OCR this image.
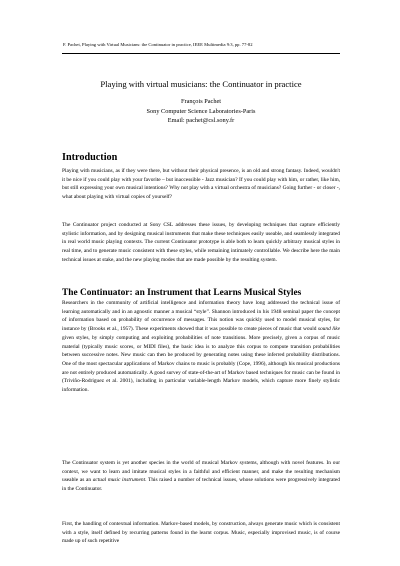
F. Pachet, Playing with Virtual Musicians: the Continuator in practice, IEEE Multimedia 9:3, pp. 77-82
Playing with virtual musicians: the Continuator in practice
François Pachet
Sony Computer Science Laboratories-Paris
Email: pachet@csl.sony.fr
Introduction

Playing with musicians, as if they were there, but without their physical presence, is an old and strong fantasy. Indeed, wouldn't it be nice if you could play with your favorite – but inaccessible - Jazz musician? If you could play with him, or rather, like him, but still expressing your own musical intentions? Why not play with a virtual orchestra of musicians? Going further - or closer -, what about playing with virtual copies of yourself?

The Continuator project conducted at Sony CSL addresses these issues, by developing techniques that capture efficiently stylistic information, and by designing musical instruments that make these techniques easily useable, and seamlessly integrated in real world music playing contexts. The current Continuator prototype is able both to learn quickly arbitrary musical styles in real time, and to generate music consistent with these styles, while remaining intimately controllable. We describe here the main technical issues at stake, and the new playing modes that are made possible by the resulting system.

The Continuator: an Instrument that Learns Musical Styles

Researchers in the community of artificial intelligence and information theory have long addressed the technical issue of learning automatically and in an agnostic manner a musical “style”. Shannon introduced in his 1948 seminal paper the concept of information based on probability of occurrence of messages. This notion was quickly used to model musical styles, for instance by (Brooks et al., 1957). These experiments showed that it was possible to create pieces of music that would sound like given styles, by simply computing and exploiting probabilities of note transitions. More precisely, given a corpus of music material (typically music scores, or MIDI files), the basic idea is to analyze this corpus to compute transition probabilities between successive notes. New music can then be produced by generating notes using these inferred probability distributions. One of the most spectacular applications of Markov chains to music is probably (Cope, 1996), although his musical productions are not entirely produced automatically. A good survey of state-of-the-art of Markov based techniques for music can be found in (Triviño-Rodriguez et al. 2001), including in particular variable-length Markov models, which capture more finely stylistic information.

The Continuator system is yet another species in the world of musical Markov systems, although with novel features. In our context, we want to learn and imitate musical styles in a faithful and efficient manner, and make the resulting mechanism useable as an actual music instrument. This raised a number of technical issues, whose solutions were progressively integrated in the Continuator.

First, the handling of contextual information. Markov-based models, by construction, always generate music which is consistent with a style, itself defined by recurring patterns found in the learnt corpus. Music, especially improvised music, is of course made up of such repetitive
